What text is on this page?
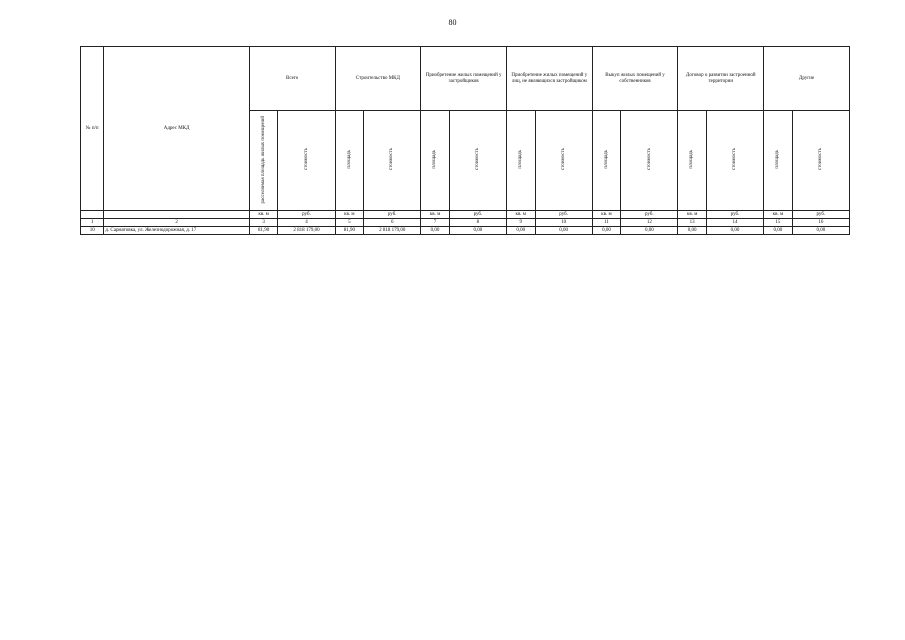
80
№ п/п	Адрес МКД	Всего		Строительство МКД		Приобретение жилых помещений у застройщиков		Приобретение жилых помещений у лиц, не являющихся застройщиком		Выкуп жилых помещений у собственников		Договор о развитии застроенной территории		Другие	
		расселяемая площадь жилых помещений	стоимость	площадь	стоимость	площадь	стоимость	площадь	стоимость	площадь	стоимость	площадь	стоимость	площадь	стоимость
		кв. м	руб.	кв. м	руб.	кв. м	руб.	кв. м	руб.	кв. м	руб.	кв. м	руб.	кв. м	руб.
1	2	3	4	5	6	7	8	9	10	11	12	13	14	15	16
10	д. Сарматовка, ул. Железнодорожная, д. 17	81,90	2 818 179,00	81,90	2 818 179,00	0,00	0,00	0,00	0,00	0,00	0,00	0,00	0,00	0,00	0,00
